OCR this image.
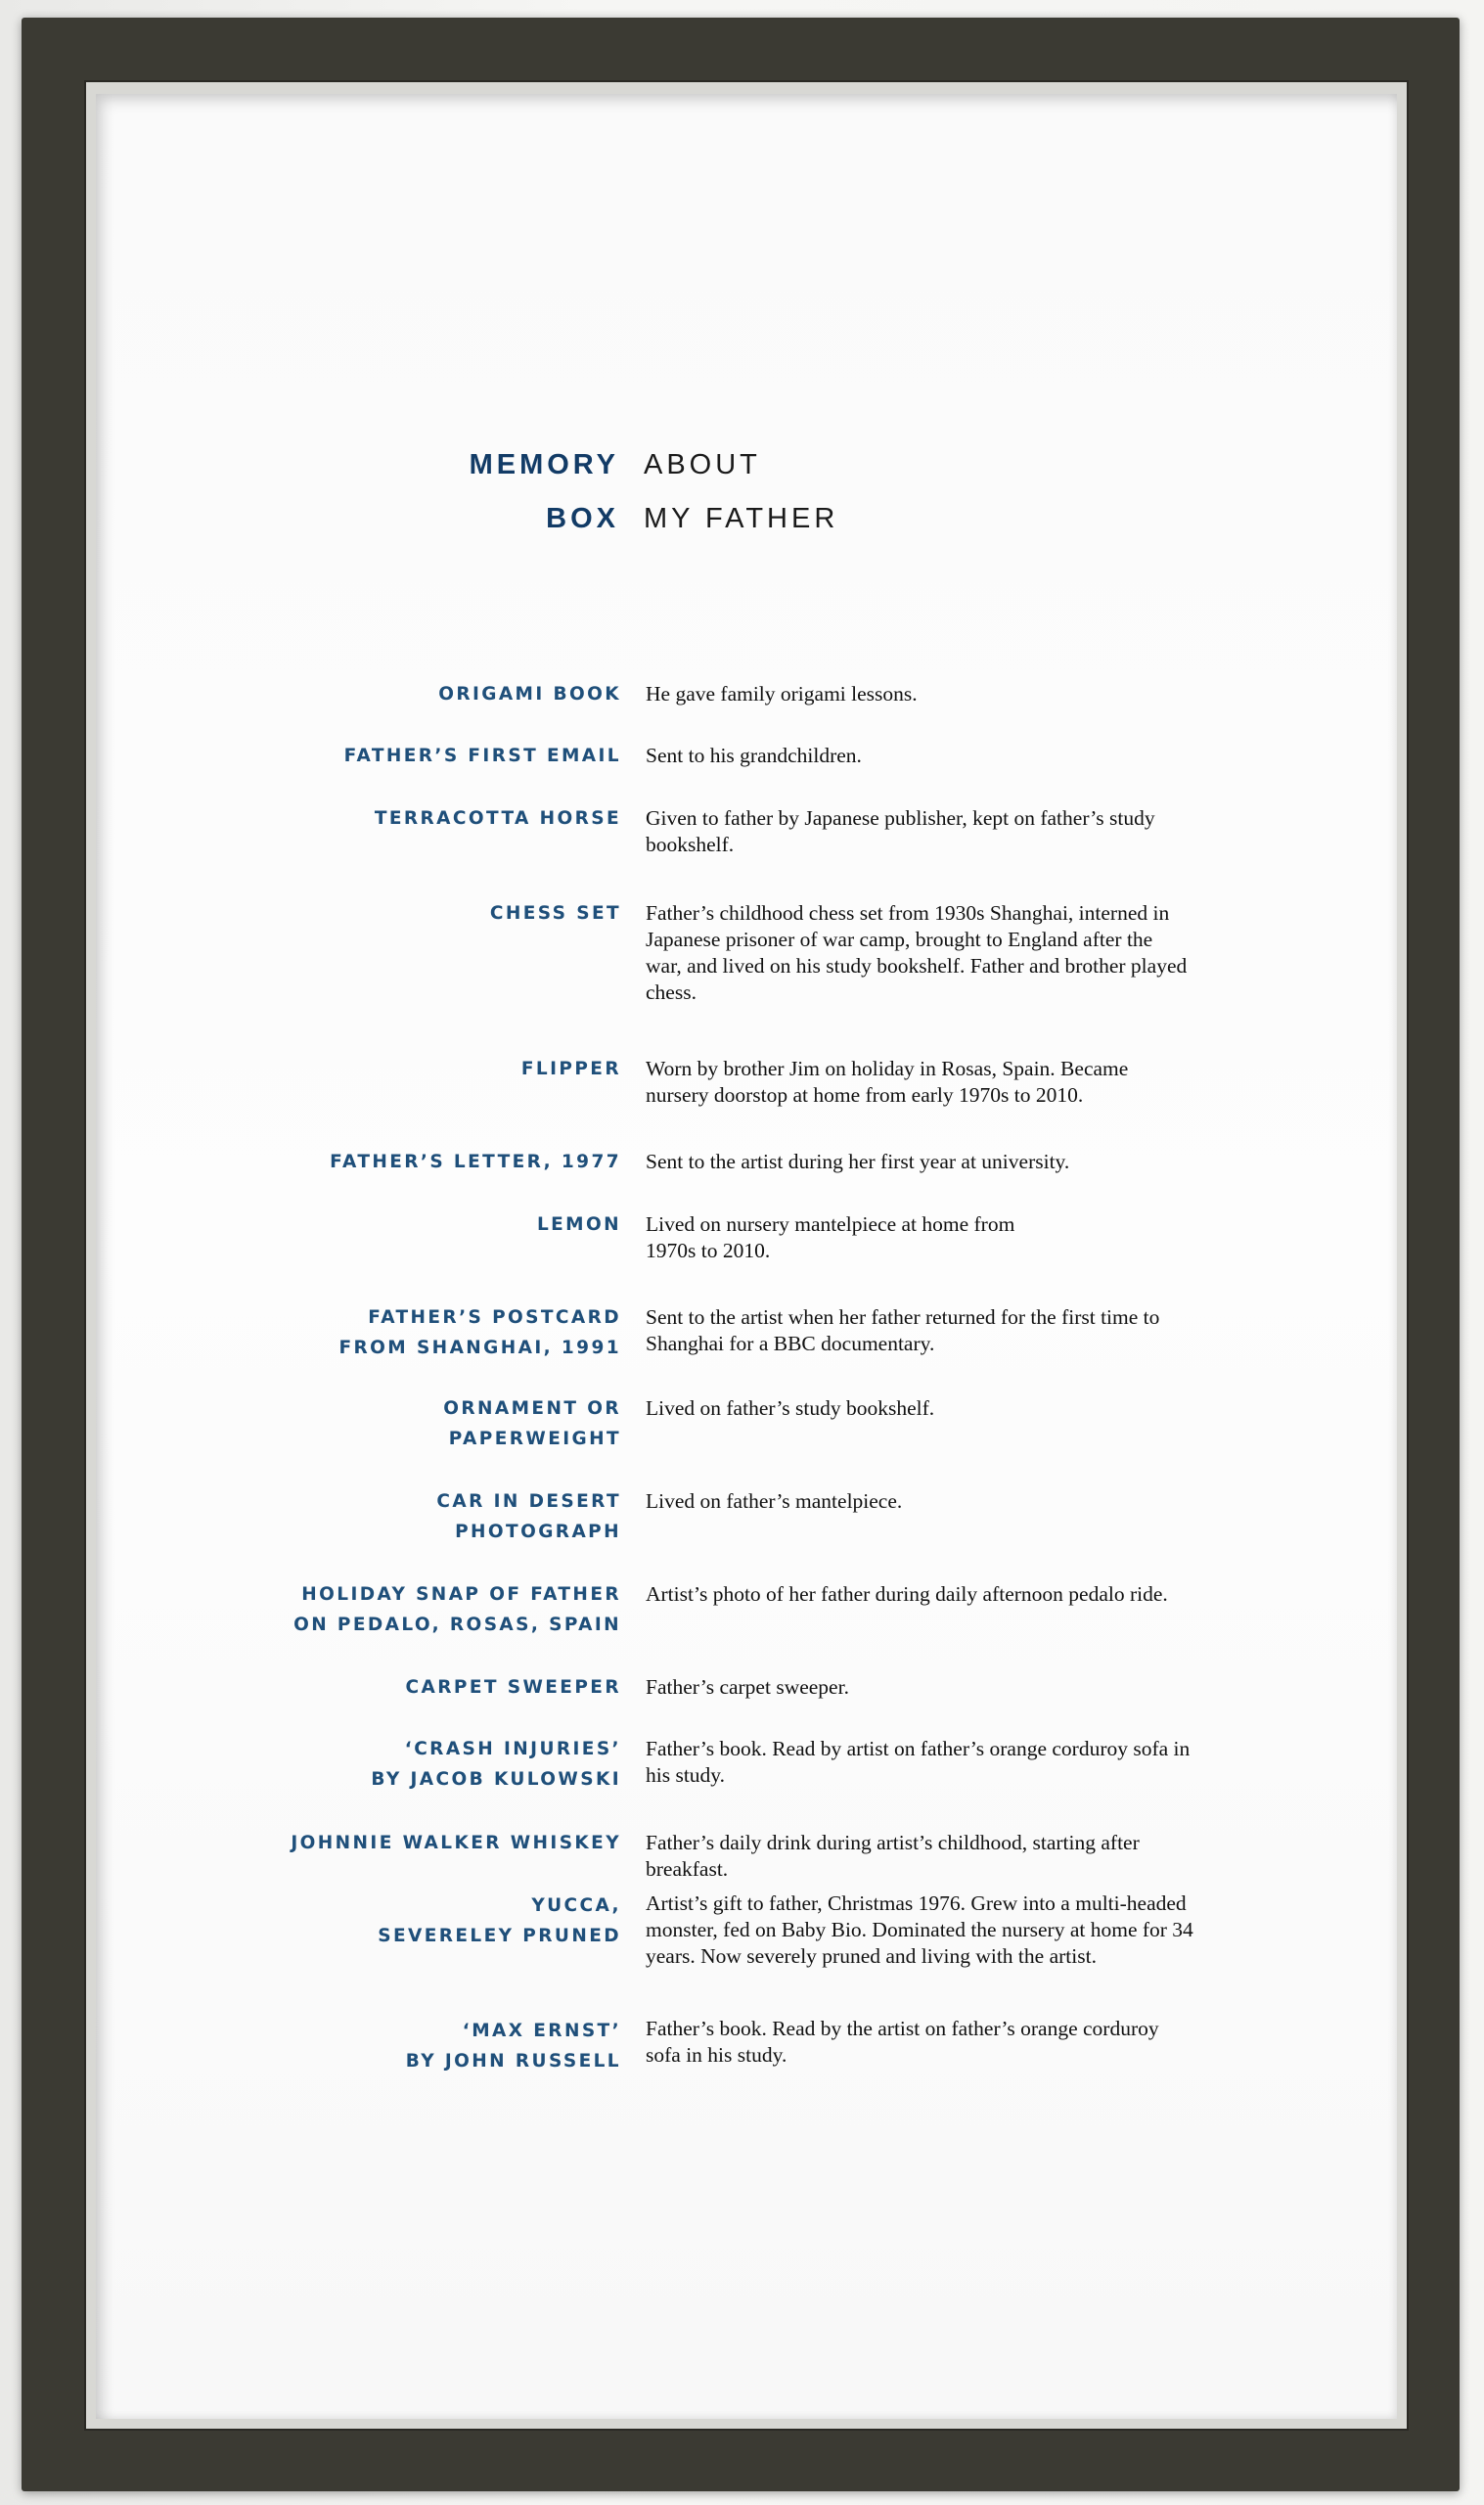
MEMORY ABOUT
BOX MY FATHER
ORIGAMI BOOK He gave family origami lessons.
FATHER’S FIRST EMAIL Sent to his grandchildren.
TERRACOTTA HORSE Given to father by Japanese publisher, kept on father’s study bookshelf.
CHESS SET Father’s childhood chess set from 1930s Shanghai, interned in Japanese prisoner of war camp, brought to England after the war, and lived on his study bookshelf. Father and brother played chess.
FLIPPER Worn by brother Jim on holiday in Rosas, Spain. Became nursery doorstop at home from early 1970s to 2010.
FATHER’S LETTER, 1977 Sent to the artist during her first year at university.
LEMON Lived on nursery mantelpiece at home from 1970s to 2010.
FATHER’S POSTCARD
FROM SHANGHAI, 1991
Sent to the artist when her father returned for the first time to Shanghai for a BBC documentary.
ORNAMENT OR
PAPERWEIGHT
Lived on father’s study bookshelf.
CAR IN DESERT
PHOTOGRAPH
Lived on father’s mantelpiece.
HOLIDAY SNAP OF FATHER
ON PEDALO, ROSAS, SPAIN
Artist’s photo of her father during daily afternoon pedalo ride.
CARPET SWEEPER Father’s carpet sweeper.
‘CRASH INJURIES’
BY JACOB KULOWSKI
Father’s book. Read by artist on father’s orange corduroy sofa in his study.
JOHNNIE WALKER WHISKEY Father’s daily drink during artist’s childhood, starting after breakfast.
YUCCA,
SEVERELEY PRUNED
Artist’s gift to father, Christmas 1976. Grew into a multi-headed monster, fed on Baby Bio. Dominated the nursery at home for 34 years. Now severely pruned and living with the artist.
‘MAX ERNST’
BY JOHN RUSSELL
Father’s book. Read by the artist on father’s orange corduroy sofa in his study.
